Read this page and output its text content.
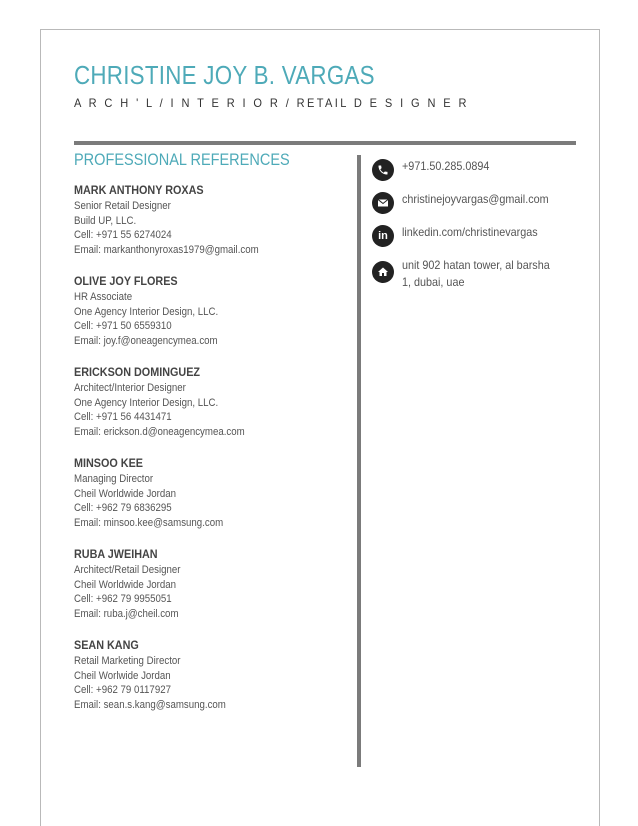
CHRISTINE JOY B. VARGAS
A R C H ' L / I N T E R I O R / RETAIL D E S I G N E R
PROFESSIONAL REFERENCES
MARK ANTHONY ROXAS
Senior Retail Designer
Build UP, LLC.
Cell: +971 55 6274024
Email: markanthonyroxas1979@gmail.com
OLIVE JOY FLORES
HR Associate
One Agency Interior Design, LLC.
Cell: +971 50 6559310
Email: joy.f@oneagencymea.com
ERICKSON DOMINGUEZ
Architect/Interior Designer
One Agency Interior Design, LLC.
Cell: +971 56 4431471
Email: erickson.d@oneagencymea.com
MINSOO KEE
Managing Director
Cheil Worldwide Jordan
Cell: +962 79 6836295
Email: minsoo.kee@samsung.com
RUBA JWEIHAN
Architect/Retail Designer
Cheil Worldwide Jordan
Cell: +962 79 9955051
Email: ruba.j@cheil.com
SEAN KANG
Retail Marketing Director
Cheil Worlwide Jordan
Cell: +962 79 0117927
Email: sean.s.kang@samsung.com
+971.50.285.0894
christinejoyvargas@gmail.com
in linkedin.com/christinevargas
unit 902 hatan tower, al barsha 1, dubai, uae
